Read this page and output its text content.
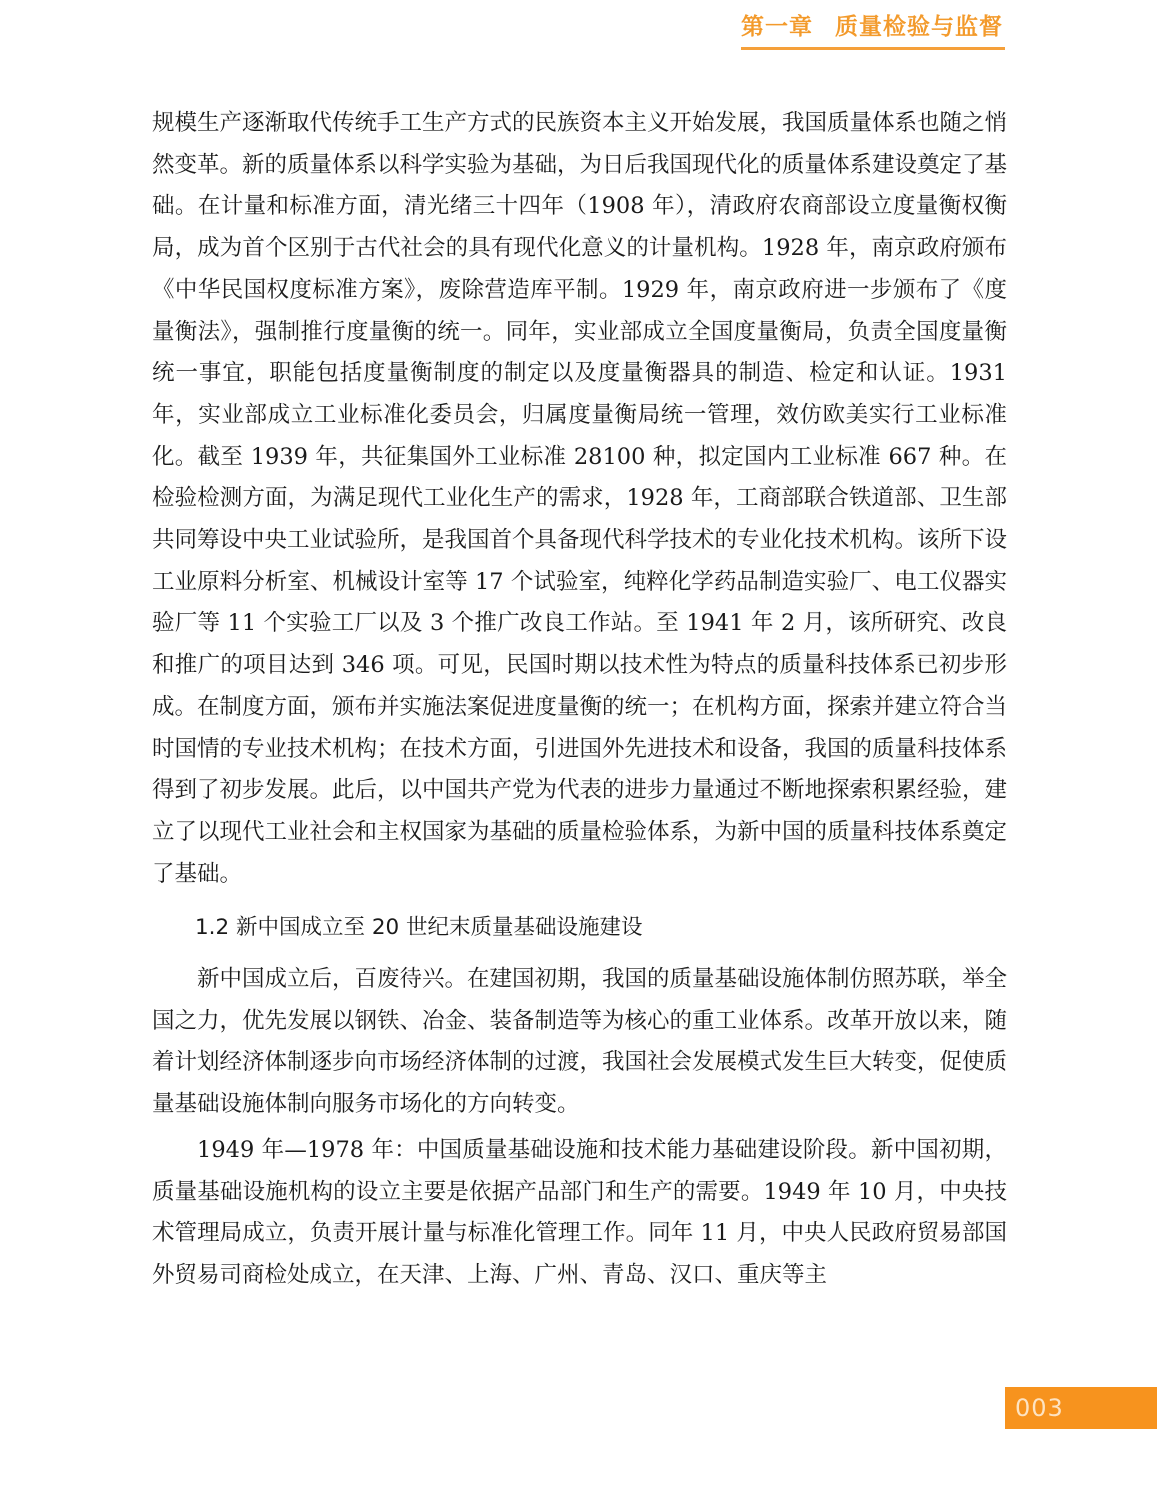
第一章 质量检验与监督

规模生产逐渐取代传统手工生产方式的民族资本主义开始发展，我国质量体系也随之悄然变革。新的质量体系以科学实验为基础，为日后我国现代化的质量体系建设奠定了基础。在计量和标准方面，清光绪三十四年（1908 年），清政府农商部设立度量衡权衡局，成为首个区别于古代社会的具有现代化意义的计量机构。1928 年，南京政府颁布《中华民国权度标准方案》，废除营造库平制。1929 年，南京政府进一步颁布了《度量衡法》，强制推行度量衡的统一。同年，实业部成立全国度量衡局，负责全国度量衡统一事宜，职能包括度量衡制度的制定以及度量衡器具的制造、检定和认证。1931 年，实业部成立工业标准化委员会，归属度量衡局统一管理，效仿欧美实行工业标准化。截至 1939 年，共征集国外工业标准 28100 种，拟定国内工业标准 667 种。在检验检测方面，为满足现代工业化生产的需求，1928 年，工商部联合铁道部、卫生部共同筹设中央工业试验所，是我国首个具备现代科学技术的专业化技术机构。该所下设工业原料分析室、机械设计室等 17 个试验室，纯粹化学药品制造实验厂、电工仪器实验厂等 11 个实验工厂以及 3 个推广改良工作站。至 1941 年 2 月，该所研究、改良和推广的项目达到 346 项。可见，民国时期以技术性为特点的质量科技体系已初步形成。在制度方面，颁布并实施法案促进度量衡的统一；在机构方面，探索并建立符合当时国情的专业技术机构；在技术方面，引进国外先进技术和设备，我国的质量科技体系得到了初步发展。此后，以中国共产党为代表的进步力量通过不断地探索积累经验，建立了以现代工业社会和主权国家为基础的质量检验体系，为新中国的质量科技体系奠定了基础。

1.2 新中国成立至 20 世纪末质量基础设施建设

新中国成立后，百废待兴。在建国初期，我国的质量基础设施体制仿照苏联，举全国之力，优先发展以钢铁、冶金、装备制造等为核心的重工业体系。改革开放以来，随着计划经济体制逐步向市场经济体制的过渡，我国社会发展模式发生巨大转变，促使质量基础设施体制向服务市场化的方向转变。

1949 年—1978 年：中国质量基础设施和技术能力基础建设阶段。新中国初期，质量基础设施机构的设立主要是依据产品部门和生产的需要。1949 年 10 月，中央技术管理局成立，负责开展计量与标准化管理工作。同年 11 月，中央人民政府贸易部国外贸易司商检处成立，在天津、上海、广州、青岛、汉口、重庆等主

003
